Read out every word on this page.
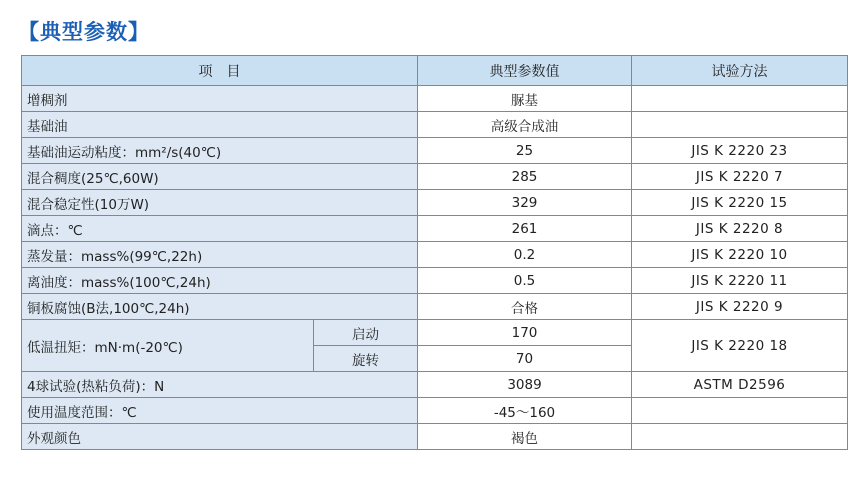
【典型参数】
项　目		典型参数值	试验方法
增稠剂		脲基	
基础油		高级合成油	
基础油运动粘度：mm²/s(40℃)		25	JIS K 2220 23
混合稠度(25℃,60W)		285	JIS K 2220 7
混合稳定性(10万W)		329	JIS K 2220 15
滴点：℃		261	JIS K 2220 8
蒸发量：mass%(99℃,22h)		0.2	JIS K 2220 10
离油度：mass%(100℃,24h)		0.5	JIS K 2220 11
铜板腐蚀(B法,100℃,24h)		合格	JIS K 2220 9
低温扭矩：mN·m(-20℃)	启动	170	JIS K 2220 18
	旋转	70	
4球试验(热粘负荷)：N		3089	ASTM D2596
使用温度范围：℃		-45～160	
外观颜色		褐色	
